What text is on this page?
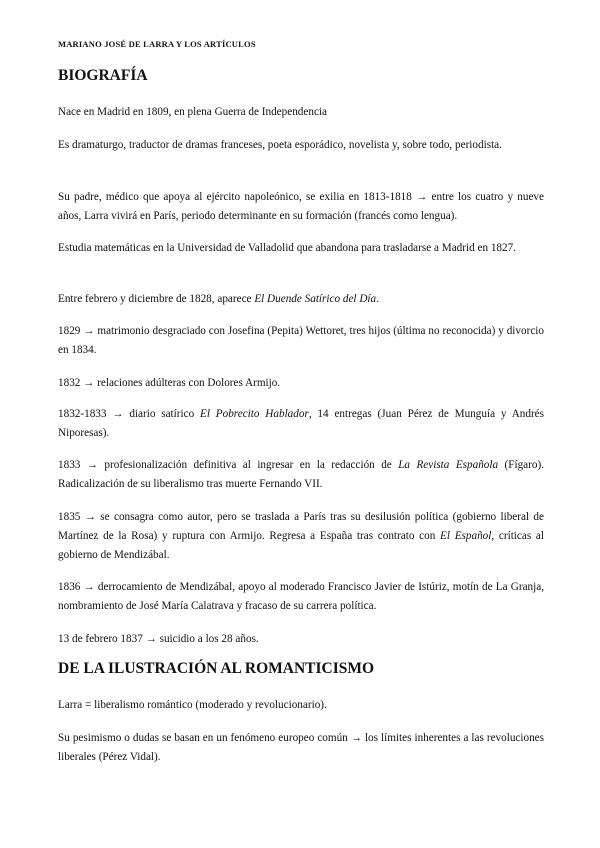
MARIANO JOSÉ DE LARRA Y LOS ARTÍCULOS
BIOGRAFÍA

Nace en Madrid en 1809, en plena Guerra de Independencia

Es dramaturgo, traductor de dramas franceses, poeta esporádico, novelista y, sobre todo, periodista.

Su padre, médico que apoya al ejército napoleónico, se exilia en 1813-1818 → entre los cuatro y nueve años, Larra vivirá en París, periodo determinante en su formación (francés como lengua).

Estudia matemáticas en la Universidad de Valladolid que abandona para trasladarse a Madrid en 1827.

Entre febrero y diciembre de 1828, aparece El Duende Satírico del Día.

1829 → matrimonio desgraciado con Josefina (Pepita) Wettoret, tres hijos (última no reconocida) y divorcio en 1834.

1832 → relaciones adúlteras con Dolores Armijo.

1832-1833 → diario satírico El Pobrecito Hablador, 14 entregas (Juan Pérez de Munguía y Andrés Niporesas).

1833 → profesionalización definitiva al ingresar en la redacción de La Revista Española (Fígaro). Radicalización de su liberalismo tras muerte Fernando VII.

1835 → se consagra como autor, pero se traslada a París tras su desilusión política (gobierno liberal de Martínez de la Rosa) y ruptura con Armijo. Regresa a España tras contrato con El Español, críticas al gobierno de Mendizábal.

1836 → derrocamiento de Mendizábal, apoyo al moderado Francisco Javier de Istúriz, motín de La Granja, nombramiento de José María Calatrava y fracaso de su carrera política.

13 de febrero 1837 → suicidio a los 28 años.

DE LA ILUSTRACIÓN AL ROMANTICISMO

Larra = liberalismo romántico (moderado y revolucionario).

Su pesimismo o dudas se basan en un fenómeno europeo común → los límites inherentes a las revoluciones liberales (Pérez Vidal).
